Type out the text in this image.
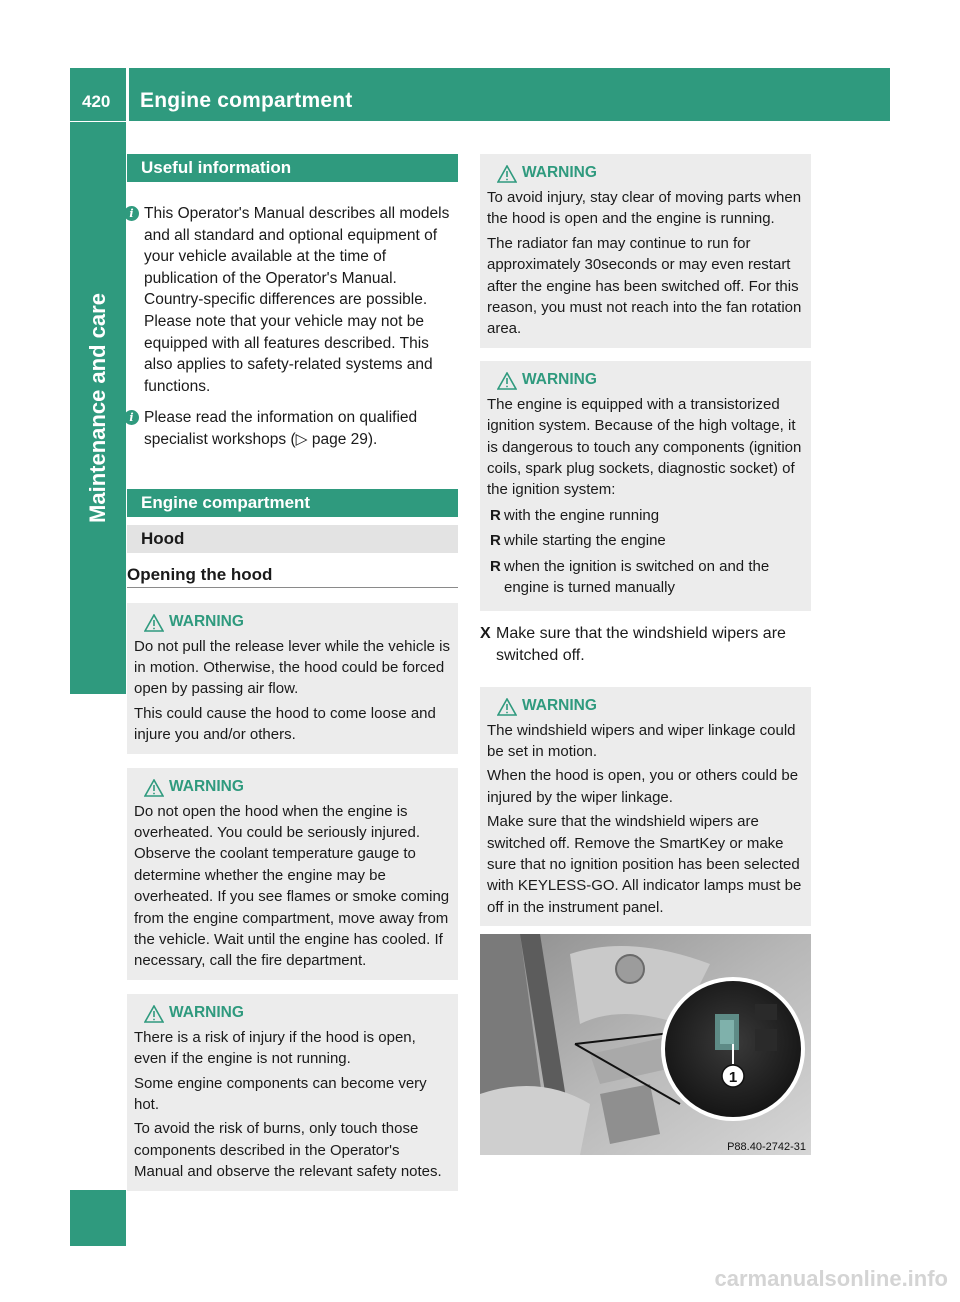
420 Engine compartment
Maintenance and care
Useful information
i This Operator's Manual describes all models and all standard and optional equipment of your vehicle available at the time of publication of the Operator's Manual. Country-specific differences are possible. Please note that your vehicle may not be equipped with all features described. This also applies to safety-related systems and functions.
i Please read the information on qualified specialist workshops (▷ page 29).
Engine compartment
Hood
Opening the hood
WARNING

Do not pull the release lever while the vehicle is in motion. Otherwise, the hood could be forced open by passing air flow.

This could cause the hood to come loose and injure you and/or others.

WARNING

Do not open the hood when the engine is overheated. You could be seriously injured. Observe the coolant temperature gauge to determine whether the engine may be overheated. If you see flames or smoke coming from the engine compartment, move away from the vehicle. Wait until the engine has cooled. If necessary, call the fire department.

WARNING

There is a risk of injury if the hood is open, even if the engine is not running.

Some engine components can become very hot.

To avoid the risk of burns, only touch those components described in the Operator's Manual and observe the relevant safety notes.

WARNING

To avoid injury, stay clear of moving parts when the hood is open and the engine is running.

The radiator fan may continue to run for approximately 30seconds or may even restart after the engine has been switched off. For this reason, you must not reach into the fan rotation area.

WARNING

The engine is equipped with a transistorized ignition system. Because of the high voltage, it is dangerous to touch any components (ignition coils, spark plug sockets, diagnostic socket) of the ignition system:

R with the engine running
R while starting the engine
R when the ignition is switched on and the engine is turned manually
X Make sure that the windshield wipers are switched off.
WARNING

The windshield wipers and wiper linkage could be set in motion.

When the hood is open, you or others could be injured by the wiper linkage.

Make sure that the windshield wipers are switched off. Remove the SmartKey or make sure that no ignition position has been selected with KEYLESS-GO. All indicator lamps must be off in the instrument panel.

1
P88.40-2742-31
carmanualsonline.info
